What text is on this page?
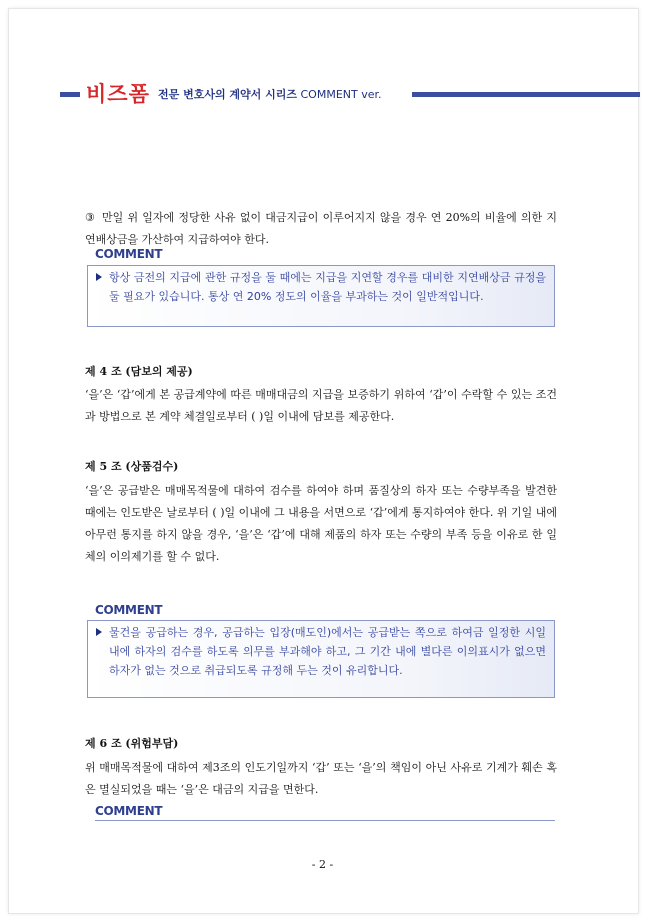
비즈폼 전문 변호사의 계약서 시리즈 COMMENT ver.
③ 만일 위 일자에 정당한 사유 없이 대금지급이 이루어지지 않을 경우 연 20%의 비율에 의한 지연배상금을 가산하여 지급하여야 한다.
COMMENT
항상 금전의 지급에 관한 규정을 둘 때에는 지급을 지연할 경우를 대비한 지연배상금 규정을 둘 필요가 있습니다. 통상 연 20% 정도의 이율을 부과하는 것이 일반적입니다.
제 4 조 (담보의 제공)
‘을’은 ‘갑’에게 본 공급계약에 따른 매매대금의 지급을 보증하기 위하여 ‘갑’이 수락할 수 있는 조건과 방법으로 본 계약 체결일로부터 ( )일 이내에 담보를 제공한다.
제 5 조 (상품검수)
‘을’은 공급받은 매매목적물에 대하여 검수를 하여야 하며 품질상의 하자 또는 수량부족을 발견한 때에는 인도받은 날로부터 ( )일 이내에 그 내용을 서면으로 ‘갑’에게 통지하여야 한다. 위 기일 내에 아무런 통지를 하지 않을 경우, ‘을’은 ‘갑’에 대해 제품의 하자 또는 수량의 부족 등을 이유로 한 일체의 이의제기를 할 수 없다.
COMMENT
물건을 공급하는 경우, 공급하는 입장(매도인)에서는 공급받는 쪽으로 하여금 일정한 시일 내에 하자의 검수를 하도록 의무를 부과해야 하고, 그 기간 내에 별다른 이의표시가 없으면 하자가 없는 것으로 취급되도록 규정해 두는 것이 유리합니다.
제 6 조 (위험부담)
위 매매목적물에 대하여 제3조의 인도기일까지 ‘갑’ 또는 ‘을’의 책임이 아닌 사유로 기계가 훼손 혹은 멸실되었을 때는 ‘을’은 대금의 지급을 면한다.
COMMENT
- 2 -
